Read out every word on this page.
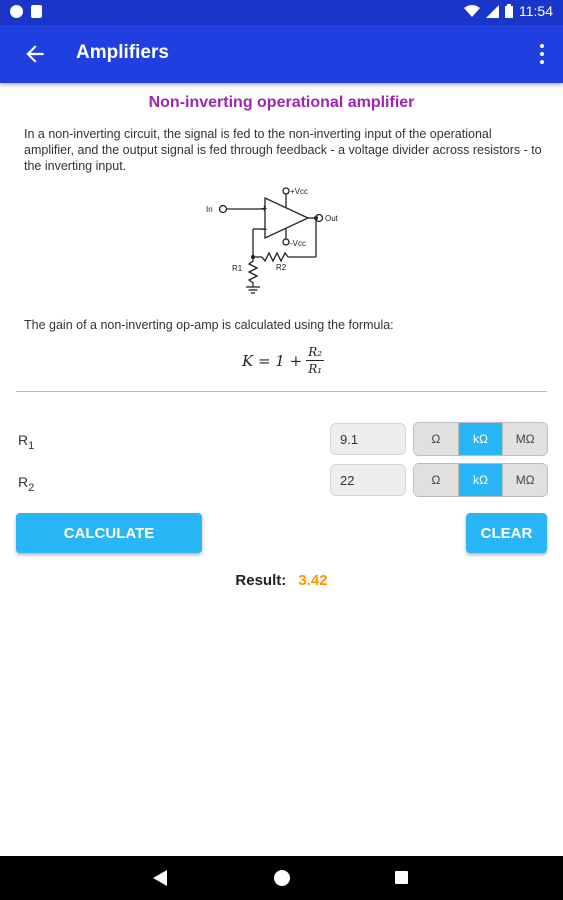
11:54
Amplifiers
Non-inverting operational amplifier
In a non-inverting circuit, the signal is fed to the non-inverting input of the operational amplifier, and the output signal is fed through feedback - a voltage divider across resistors - to the inverting input.
+
−
+Vcc
-Vcc
In
Out
R1	R2
The gain of a non-inverting op-amp is calculated using the formula:
$K = 1 + \frac{\text{R₂}}{\text{R₁}}$
$R_1$	9.1	Ω	kΩ	MΩ
$R_2$	22	Ω	kΩ	MΩ
CALCULATE	CLEAR
Result: 3.42
